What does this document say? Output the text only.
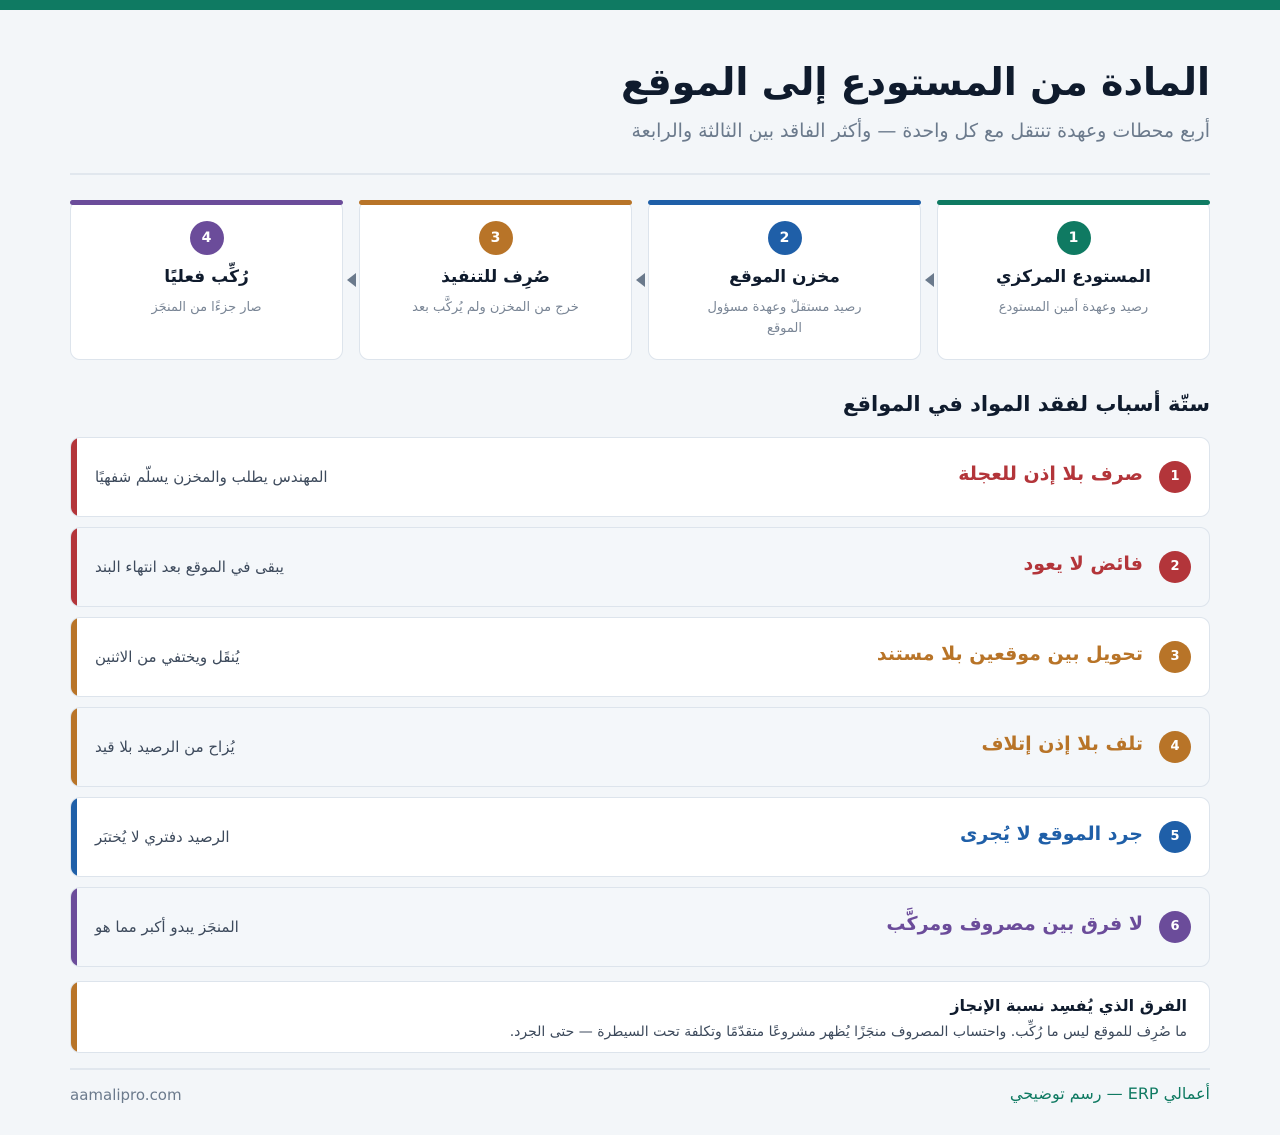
المادة من المستودع إلى الموقع
أربع محطات وعهدة تنتقل مع كل واحدة — وأكثر الفاقد بين الثالثة والرابعة
1
المستودع المركزي
رصيد وعهدة أمين المستودع
2
مخزن الموقع
رصيد مستقلّ وعهدة مسؤول الموقع
3
صُرِف للتنفيذ
خرج من المخزن ولم يُركَّب بعد
4
رُكِّب فعليًا
صار جزءًا من المنجَز
ستّة أسباب لفقد المواد في المواقع
1
صرف بلا إذن للعجلة
المهندس يطلب والمخزن يسلّم شفهيًا
2
فائض لا يعود
يبقى في الموقع بعد انتهاء البند
3
تحويل بين موقعين بلا مستند
يُنقَل ويختفي من الاثنين
4
تلف بلا إذن إتلاف
يُزاح من الرصيد بلا قيد
5
جرد الموقع لا يُجرى
الرصيد دفتري لا يُختبَر
6
لا فرق بين مصروف ومركَّب
المنجَز يبدو أكبر مما هو
الفرق الذي يُفسِد نسبة الإنجاز
ما صُرِف للموقع ليس ما رُكِّب. واحتساب المصروف منجَزًا يُظهر مشروعًا متقدّمًا وتكلفة تحت السيطرة — حتى الجرد.
أعمالي ERP — رسم توضيحي
aamalipro.com
